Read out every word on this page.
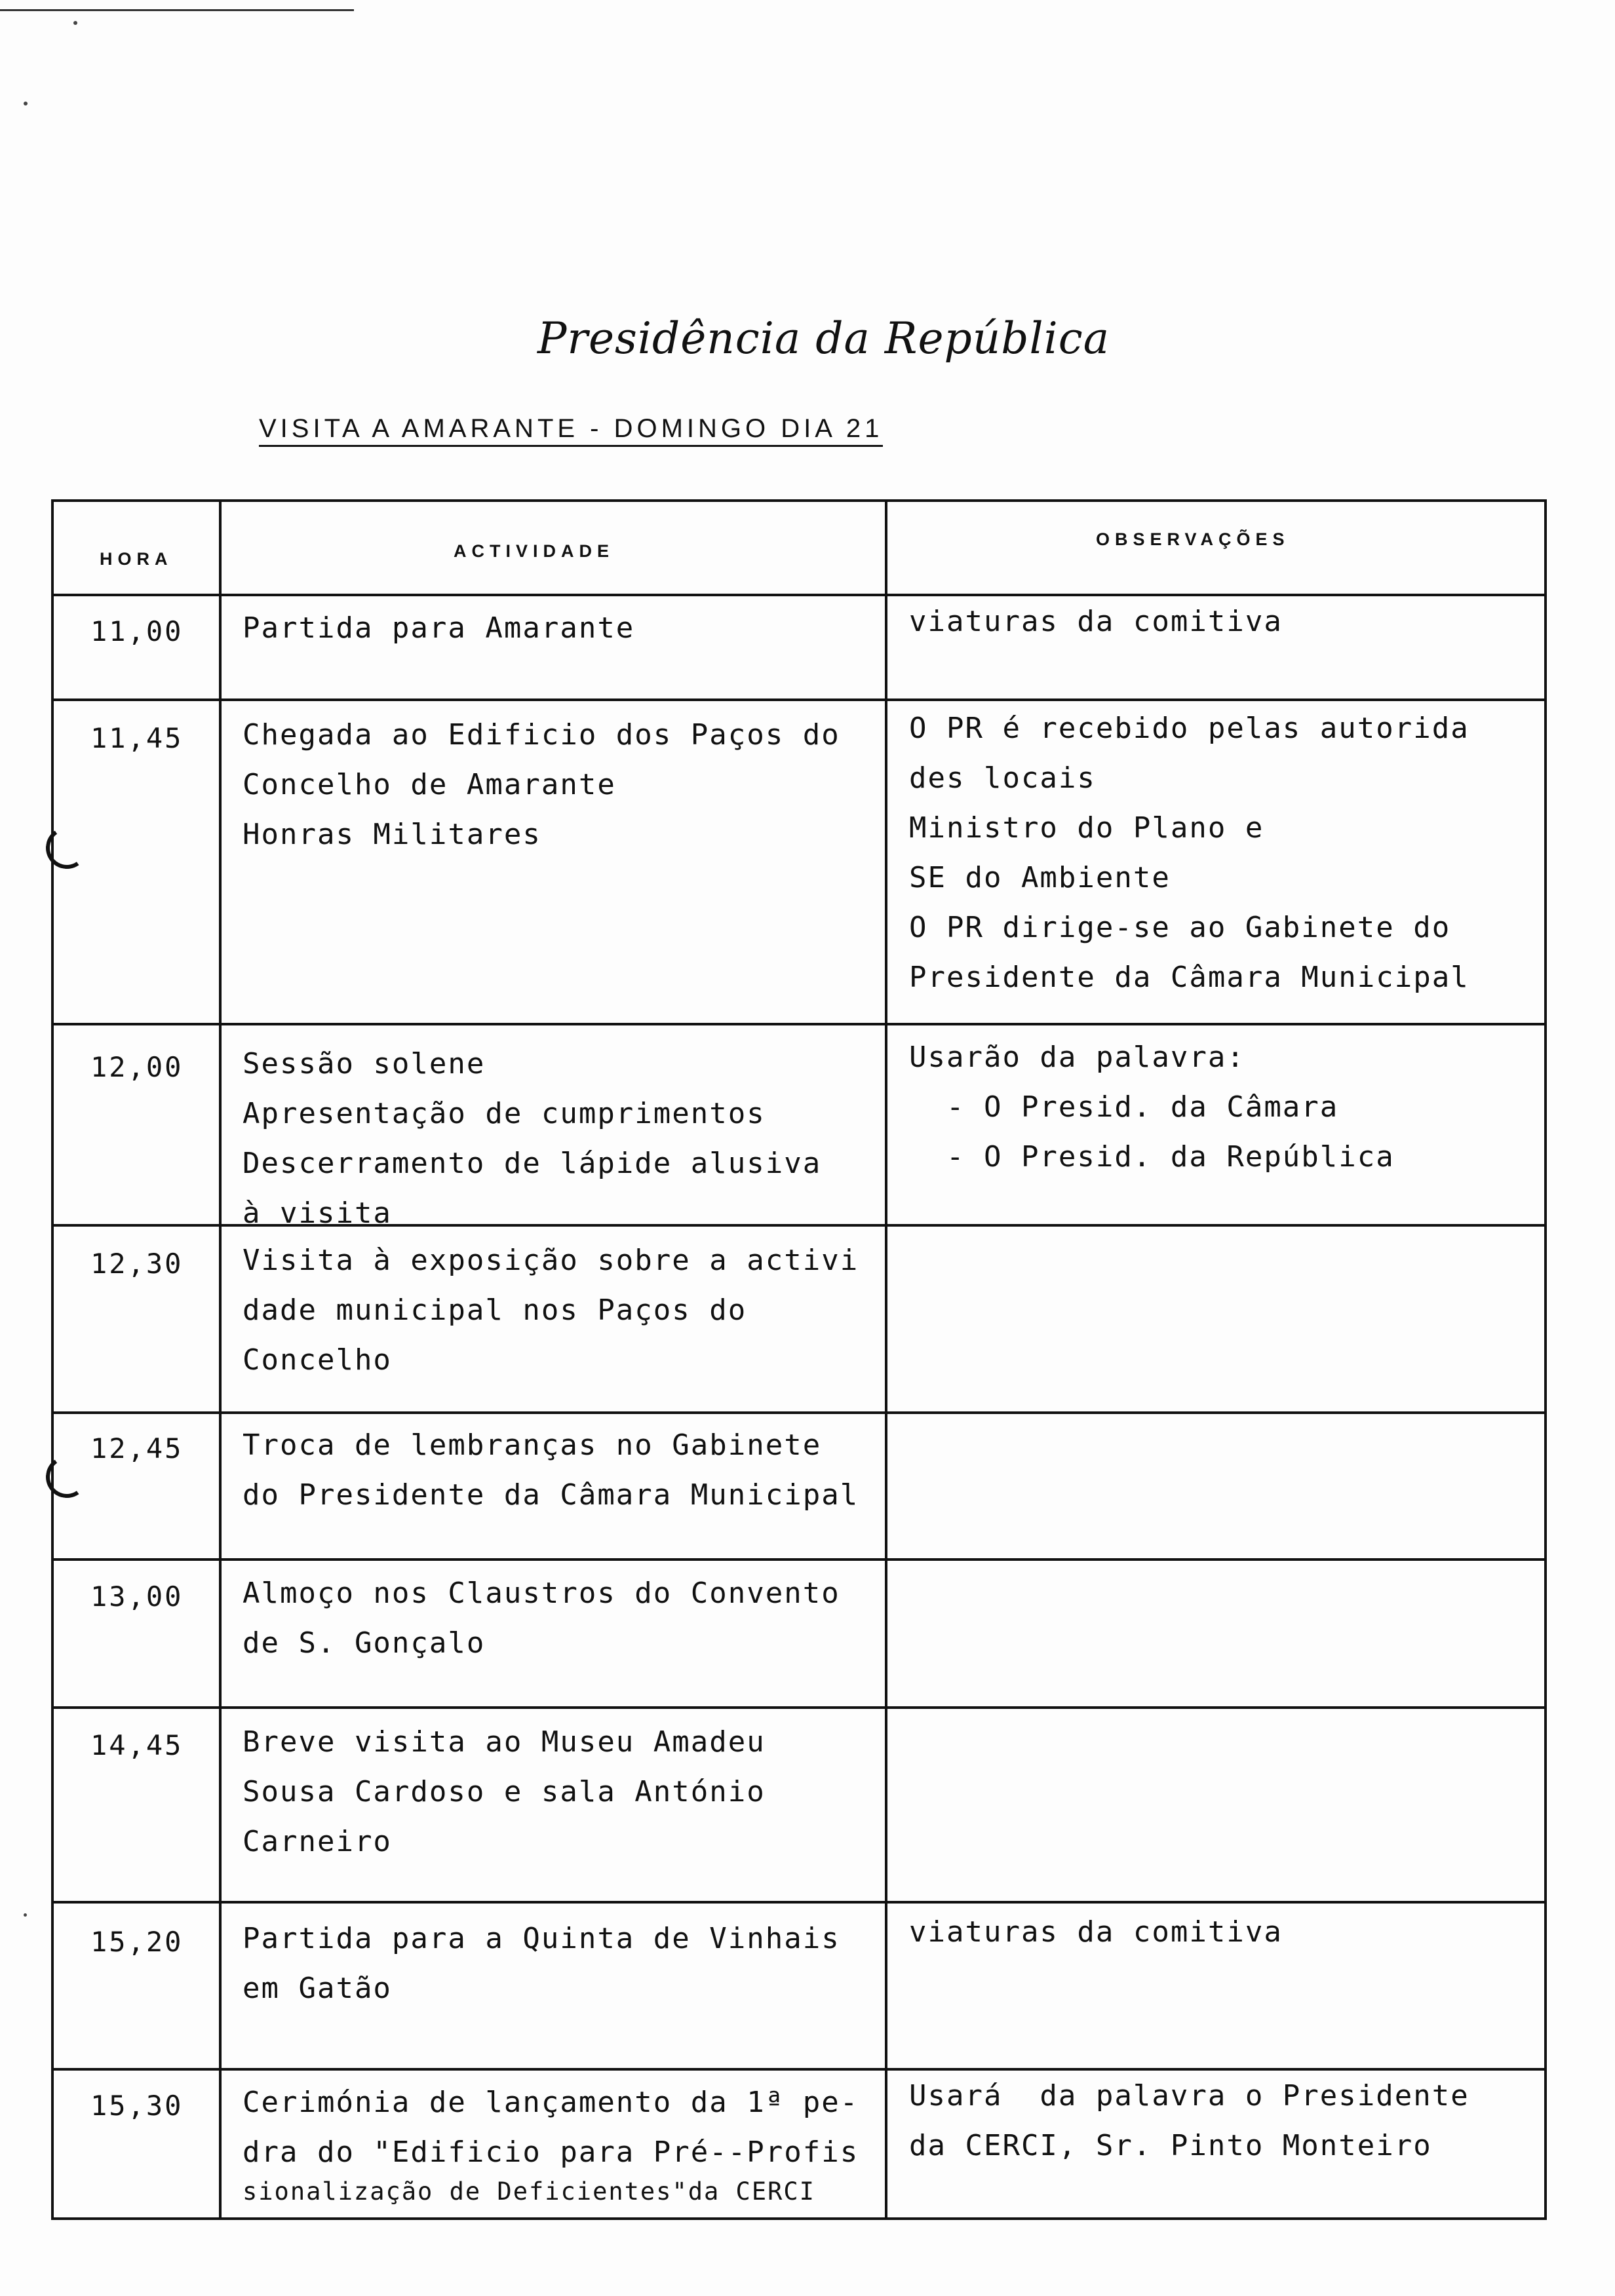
Presidência da República
VISITA A AMARANTE - DOMINGO DIA 21
HORA	ACTIVIDADE
OBSERVAÇÕES
11,00 Partida para Amarante	viaturas da comitiva
11,45 Chegada ao Edificio dos Paços do
Concelho de Amarante
Honras Militares
O PR é recebido pelas autorida
des locais
Ministro do Plano e
SE do Ambiente
O PR dirige-se ao Gabinete do
Presidente da Câmara Municipal
12,00 Sessão solene
Apresentação de cumprimentos
Descerramento de lápide alusiva
à visita
Usarão da palavra:
- O Presid. da Câmara
- O Presid. da República
12,30 Visita à exposição sobre a activi
dade municipal nos Paços do
Concelho
12,45 Troca de lembranças no Gabinete
do Presidente da Câmara Municipal
13,00 Almoço nos Claustros do Convento
de S. Gonçalo
14,45 Breve visita ao Museu Amadeu
Sousa Cardoso e sala António
Carneiro
15,20 Partida para a Quinta de Vinhais
em Gatão
viaturas da comitiva
15,30 Cerimónia de lançamento da 1ª pe-
dra do "Edificio para Pré--Profis
sionalização de Deficientes"da CERCI
Usará  da palavra o Presidente
da CERCI, Sr. Pinto Monteiro
